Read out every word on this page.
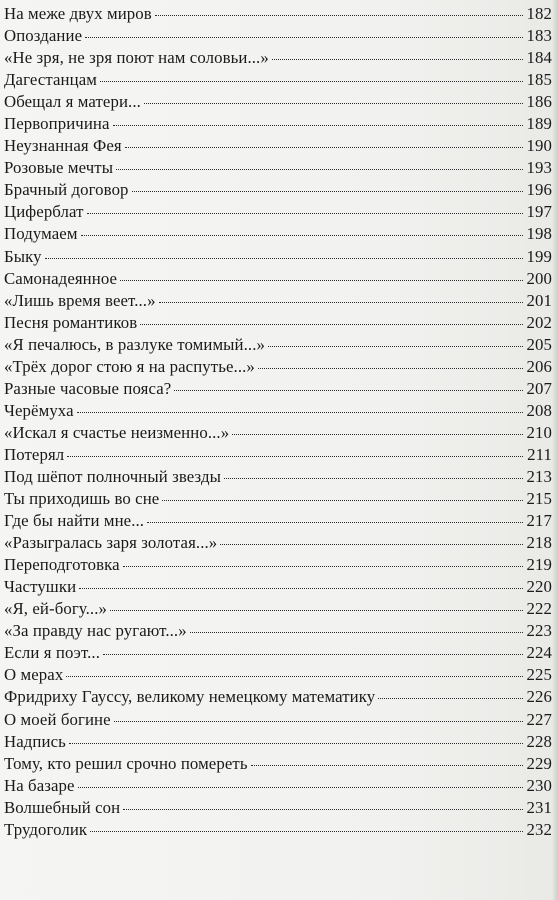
На меже двух миров	182
Опоздание	183
«Не зря, не зря поют нам соловьи...»	184
Дагестанцам	185
Обещал я матери...	186
Первопричина	189
Неузнанная Фея	190
Розовые мечты	193
Брачный договор	196
Циферблат	197
Подумаем	198
Быку	199
Самонадеянное	200
«Лишь время веет...»	201
Песня романтиков	202
«Я печалюсь, в разлуке томимый...»	205
«Трёх дорог стою я на распутье...»	206
Разные часовые пояса?	207
Черёмуха	208
«Искал я счастье неизменно...»	210
Потерял	211
Под шёпот полночный звезды	213
Ты приходишь во сне	215
Где бы найти мне...	217
«Разыгралась заря золотая...»	218
Переподготовка	219
Частушки	220
«Я, ей-богу...»	222
«За правду нас ругают...»	223
Если я поэт...	224
О мерах	225
Фридриху Гауссу, великому немецкому математику	226
О моей богине	227
Надпись	228
Тому, кто решил срочно помереть	229
На базаре	230
Волшебный сон	231
Трудоголик	232
